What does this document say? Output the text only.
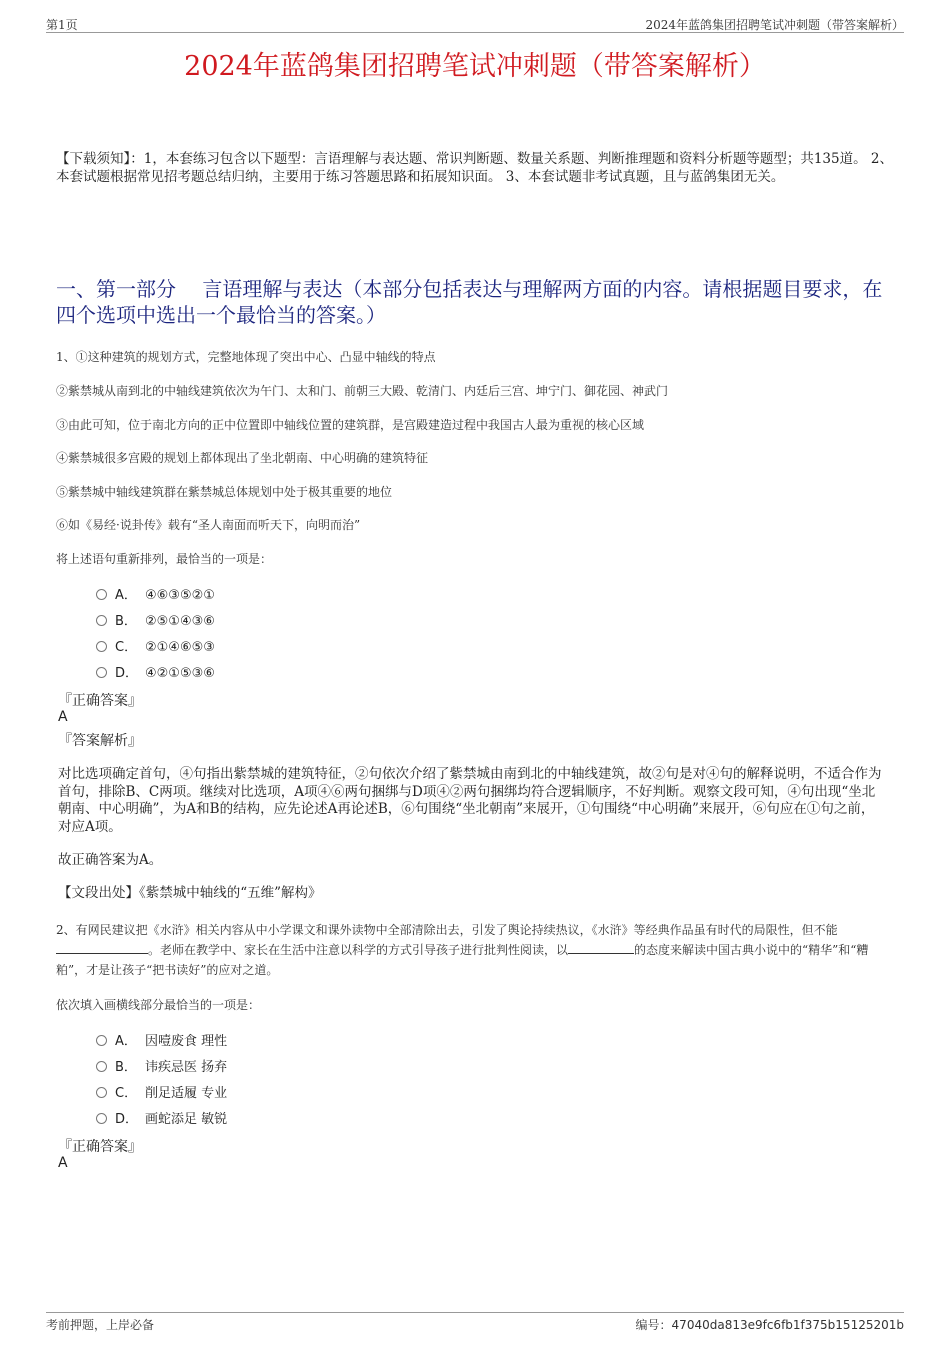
第1页	2024年蓝鸽集团招聘笔试冲刺题（带答案解析）
2024年蓝鸽集团招聘笔试冲刺题（带答案解析）
【下载须知】：1，本套练习包含以下题型：言语理解与表达题、常识判断题、数量关系题、判断推理题和资料分析题等题型；共135道。 2、本套试题根据常见招考题总结归纳，主要用于练习答题思路和拓展知识面。 3、本套试题非考试真题，且与蓝鸽集团无关。
一、第一部分　 言语理解与表达（本部分包括表达与理解两方面的内容。请根据题目要求，在四个选项中选出一个最恰当的答案。）
1、①这种建筑的规划方式，完整地体现了突出中心、凸显中轴线的特点
②紫禁城从南到北的中轴线建筑依次为午门、太和门、前朝三大殿、乾清门、内廷后三宫、坤宁门、御花园、神武门
③由此可知，位于南北方向的正中位置即中轴线位置的建筑群，是宫殿建造过程中我国古人最为重视的核心区域
④紫禁城很多宫殿的规划上都体现出了坐北朝南、中心明确的建筑特征
⑤紫禁城中轴线建筑群在紫禁城总体规划中处于极其重要的地位
⑥如《易经·说卦传》载有“圣人南面而听天下，向明而治”
将上述语句重新排列，最恰当的一项是：
A． ④⑥③⑤②①
B． ②⑤①④③⑥
C． ②①④⑥⑤③
D． ④②①⑤③⑥
『正确答案』
A
『答案解析』
对比选项确定首句，④句指出紫禁城的建筑特征，②句依次介绍了紫禁城由南到北的中轴线建筑，故②句是对④句的解释说明，不适合作为首句，排除B、C两项。继续对比选项，A项④⑥两句捆绑与D项④②两句捆绑均符合逻辑顺序，不好判断。观察文段可知，④句出现“坐北朝南、中心明确”，为A和B的结构，应先论述A再论述B，⑥句围绕“坐北朝南”来展开，①句围绕“中心明确”来展开，⑥句应在①句之前，对应A项。
故正确答案为A。
【文段出处】《紫禁城中轴线的“五维”解构》
2、有网民建议把《水浒》相关内容从中小学课文和课外读物中全部清除出去，引发了舆论持续热议，《水浒》等经典作品虽有时代的局限性，但不能。老师在教学中、家长在生活中注意以科学的方式引导孩子进行批判性阅读，以	的态度来解读中国古典小说中的“精华”和“糟粕”，才是让孩子“把书读好”的应对之道。
依次填入画横线部分最恰当的一项是：
A． 因噎废食 理性
B． 讳疾忌医 扬弃
C． 削足适履 专业
D． 画蛇添足 敏锐
『正确答案』
A
考前押题，上岸必备	编号：47040da813e9fc6fb1f375b15125201b
